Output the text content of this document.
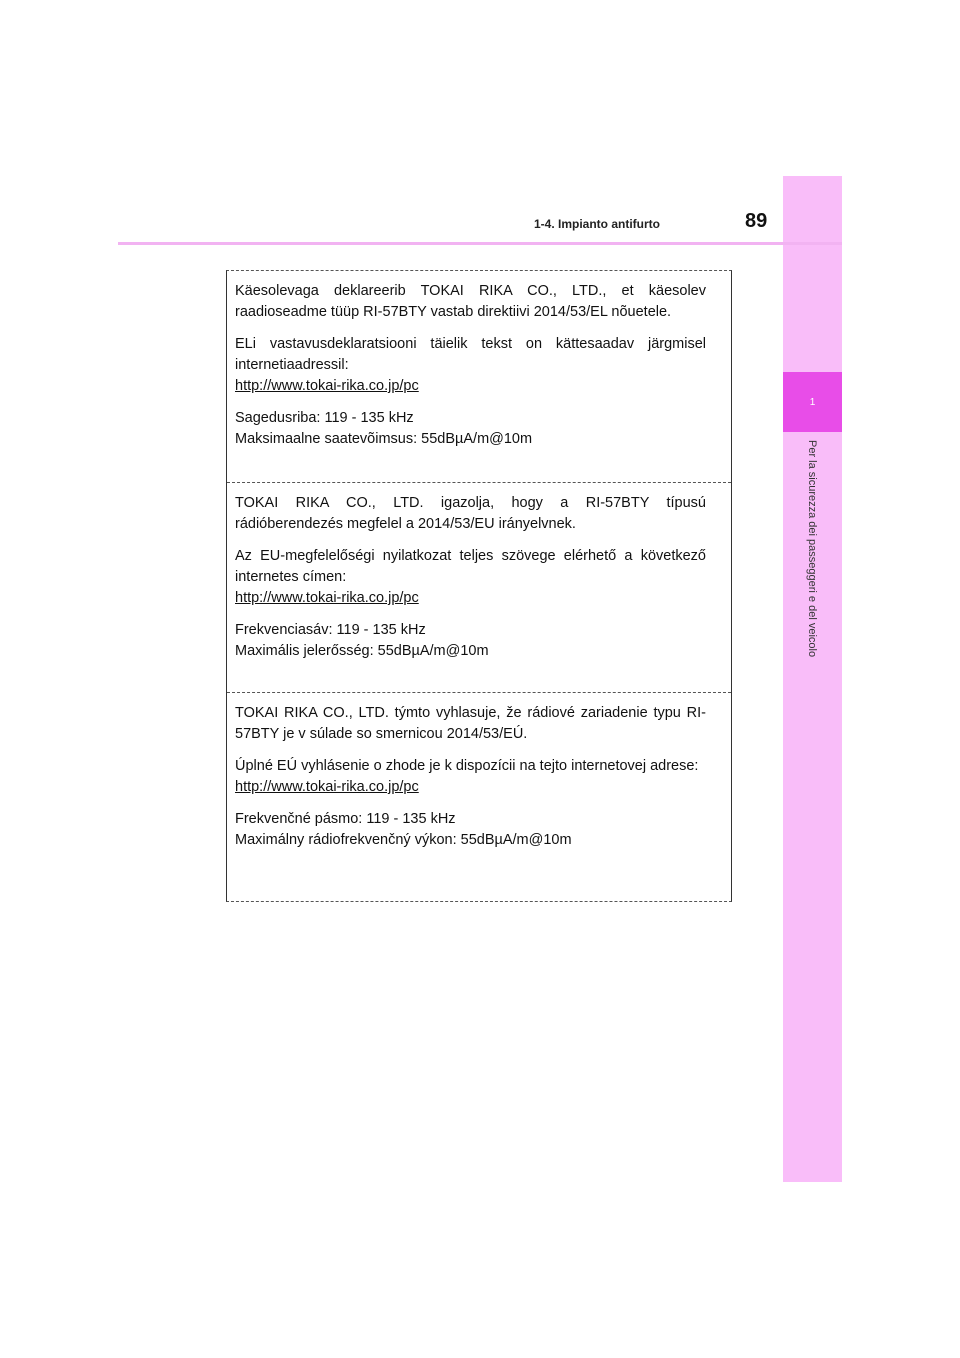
1
Per la sicurezza dei passeggeri e del veicolo
1-4. Impianto antifurto	89

Käesolevaga deklareerib TOKAI RIKA CO., LTD., et käesolev raadioseadme tüüp RI-57BTY vastab direktiivi 2014/53/EL nõuetele.

ELi vastavusdeklaratsiooni täielik tekst on kättesaadav järgmisel internetiaadressil:

http://www.tokai-rika.co.jp/pc
Sagedusriba: 119 - 135 kHz
Maksimaalne saatevõimsus: 55dBµA/m@10m

TOKAI RIKA CO., LTD. igazolja, hogy a RI-57BTY típusú rádióberendezés megfelel a 2014/53/EU irányelvnek.

Az EU-megfelelőségi nyilatkozat teljes szövege elérhető a következő internetes címen:

http://www.tokai-rika.co.jp/pc
Frekvenciasáv: 119 - 135 kHz
Maximális jelerősség: 55dBµA/m@10m

TOKAI RIKA CO., LTD. týmto vyhlasuje, že rádiové zariadenie typu RI-57BTY je v súlade so smernicou 2014/53/EÚ.

Úplné EÚ vyhlásenie o zhode je k dispozícii na tejto internetovej adrese:

http://www.tokai-rika.co.jp/pc
Frekvenčné pásmo: 119 - 135 kHz
Maximálny rádiofrekvenčný výkon: 55dBµA/m@10m
